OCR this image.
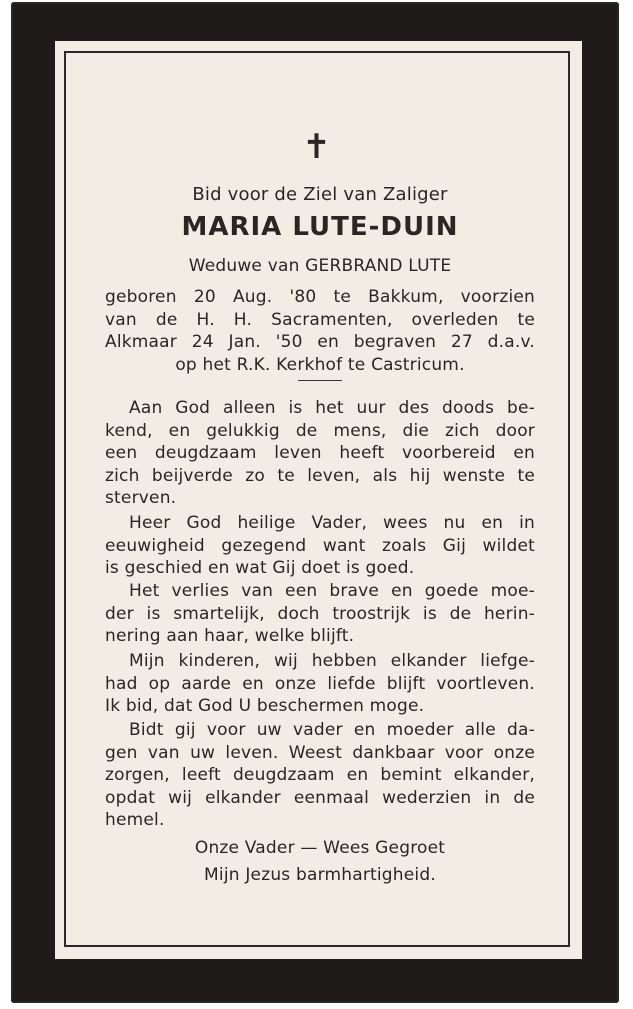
✝
Bid voor de Ziel van Zaliger
MARIA LUTE-DUIN
Weduwe van GERBRAND LUTE
geboren 20 Aug. '80 te Bakkum, voorzien
van de H. H. Sacramenten, overleden te
Alkmaar 24 Jan. '50 en begraven 27 d.a.v.
op het R.K. Kerkhof te Castricum.
Aan God alleen is het uur des doods be-
kend, en gelukkig de mens, die zich door
een deugdzaam leven heeft voorbereid en
zich beijverde zo te leven, als hij wenste te
sterven.
Heer God heilige Vader, wees nu en in
eeuwigheid gezegend want zoals Gij wildet
is geschied en wat Gij doet is goed.
Het verlies van een brave en goede moe-
der is smartelijk, doch troostrijk is de herin-
nering aan haar, welke blijft.
Mijn kinderen, wij hebben elkander liefge-
had op aarde en onze liefde blijft voortleven.
Ik bid, dat God U beschermen moge.
Bidt gij voor uw vader en moeder alle da-
gen van uw leven. Weest dankbaar voor onze
zorgen, leeft deugdzaam en bemint elkander,
opdat wij elkander eenmaal wederzien in de
hemel.
Onze Vader — Wees Gegroet
Mijn Jezus barmhartigheid.
